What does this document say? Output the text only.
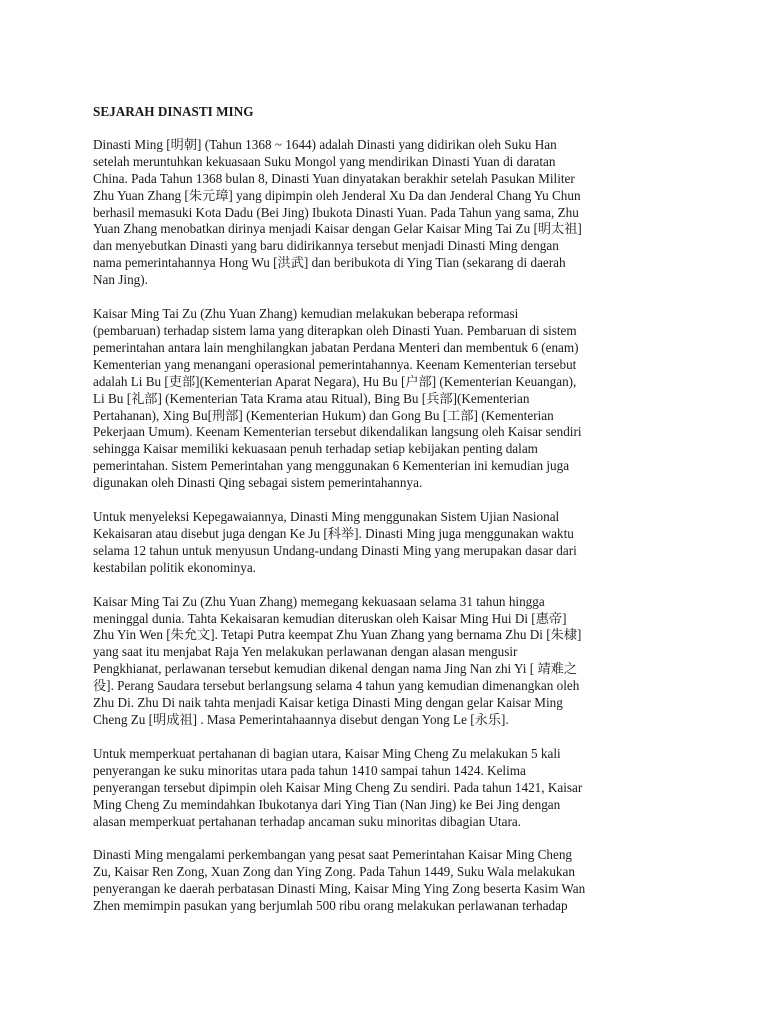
SEJARAH DINASTI MING
Dinasti Ming [明朝] (Tahun 1368 ~ 1644) adalah Dinasti yang didirikan oleh Suku Han
setelah meruntuhkan kekuasaan Suku Mongol yang mendirikan Dinasti Yuan di daratan
China. Pada Tahun 1368 bulan 8, Dinasti Yuan dinyatakan berakhir setelah Pasukan Militer
Zhu Yuan Zhang [朱元璋] yang dipimpin oleh Jenderal Xu Da dan Jenderal Chang Yu Chun
berhasil memasuki Kota Dadu (Bei Jing) Ibukota Dinasti Yuan. Pada Tahun yang sama, Zhu
Yuan Zhang menobatkan dirinya menjadi Kaisar dengan Gelar Kaisar Ming Tai Zu [明太祖]
dan menyebutkan Dinasti yang baru didirikannya tersebut menjadi Dinasti Ming dengan
nama pemerintahannya Hong Wu [洪武] dan beribukota di Ying Tian (sekarang di daerah
Nan Jing).
Kaisar Ming Tai Zu (Zhu Yuan Zhang) kemudian melakukan beberapa reformasi
(pembaruan) terhadap sistem lama yang diterapkan oleh Dinasti Yuan. Pembaruan di sistem
pemerintahan antara lain menghilangkan jabatan Perdana Menteri dan membentuk 6 (enam)
Kementerian yang menangani operasional pemerintahannya. Keenam Kementerian tersebut
adalah Li Bu [吏部](Kementerian Aparat Negara), Hu Bu [户部] (Kementerian Keuangan),
Li Bu [礼部] (Kementerian Tata Krama atau Ritual), Bing Bu [兵部](Kementerian
Pertahanan), Xing Bu[刑部] (Kementerian Hukum) dan Gong Bu [工部] (Kementerian
Pekerjaan Umum). Keenam Kementerian tersebut dikendalikan langsung oleh Kaisar sendiri
sehingga Kaisar memiliki kekuasaan penuh terhadap setiap kebijakan penting dalam
pemerintahan. Sistem Pemerintahan yang menggunakan 6 Kementerian ini kemudian juga
digunakan oleh Dinasti Qing sebagai sistem pemerintahannya.
Untuk menyeleksi Kepegawaiannya, Dinasti Ming menggunakan Sistem Ujian Nasional
Kekaisaran atau disebut juga dengan Ke Ju [科举]. Dinasti Ming juga menggunakan waktu
selama 12 tahun untuk menyusun Undang-undang Dinasti Ming yang merupakan dasar dari
kestabilan politik ekonominya.
Kaisar Ming Tai Zu (Zhu Yuan Zhang) memegang kekuasaan selama 31 tahun hingga
meninggal dunia. Tahta Kekaisaran kemudian diteruskan oleh Kaisar Ming Hui Di [惠帝]
Zhu Yin Wen [朱允文]. Tetapi Putra keempat Zhu Yuan Zhang yang bernama Zhu Di [朱棣]
yang saat itu menjabat Raja Yen melakukan perlawanan dengan alasan mengusir
Pengkhianat, perlawanan tersebut kemudian dikenal dengan nama Jing Nan zhi Yi [ 靖难之
役]. Perang Saudara tersebut berlangsung selama 4 tahun yang kemudian dimenangkan oleh
Zhu Di. Zhu Di naik tahta menjadi Kaisar ketiga Dinasti Ming dengan gelar Kaisar Ming
Cheng Zu [明成祖] . Masa Pemerintahaannya disebut dengan Yong Le [永乐].
Untuk memperkuat pertahanan di bagian utara, Kaisar Ming Cheng Zu melakukan 5 kali
penyerangan ke suku minoritas utara pada tahun 1410 sampai tahun 1424. Kelima
penyerangan tersebut dipimpin oleh Kaisar Ming Cheng Zu sendiri. Pada tahun 1421, Kaisar
Ming Cheng Zu memindahkan Ibukotanya dari Ying Tian (Nan Jing) ke Bei Jing dengan
alasan memperkuat pertahanan terhadap ancaman suku minoritas dibagian Utara.
Dinasti Ming mengalami perkembangan yang pesat saat Pemerintahan Kaisar Ming Cheng
Zu, Kaisar Ren Zong, Xuan Zong dan Ying Zong. Pada Tahun 1449, Suku Wala melakukan
penyerangan ke daerah perbatasan Dinasti Ming, Kaisar Ming Ying Zong beserta Kasim Wan
Zhen memimpin pasukan yang berjumlah 500 ribu orang melakukan perlawanan terhadap
